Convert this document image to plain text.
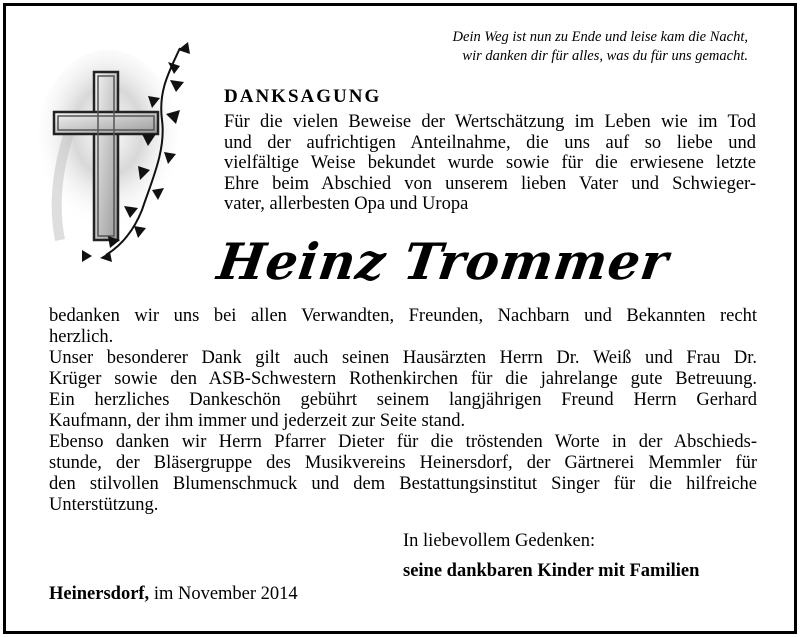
Dein Weg ist nun zu Ende und leise kam die Nacht,
wir danken dir für alles, was du für uns gemacht.
DANKSAGUNG
Für die vielen Beweise der Wertschätzung im Leben wie im Tod
und der aufrichtigen Anteilnahme, die uns auf so liebe und
vielfältige Weise bekundet wurde sowie für die erwiesene letzte
Ehre beim Abschied von unserem lieben Vater und Schwieger-
vater, allerbesten Opa und Uropa
Heinz Trommer
bedanken wir uns bei allen Verwandten, Freunden, Nachbarn und Bekannten recht
herzlich.
Unser besonderer Dank gilt auch seinen Hausärzten Herrn Dr. Weiß und Frau Dr.
Krüger sowie den ASB-Schwestern Rothenkirchen für die jahrelange gute Betreuung.
Ein herzliches Dankeschön gebührt seinem langjährigen Freund Herrn Gerhard
Kaufmann, der ihm immer und jederzeit zur Seite stand.
Ebenso danken wir Herrn Pfarrer Dieter für die tröstenden Worte in der Abschieds-
stunde, der Bläsergruppe des Musikvereins Heinersdorf, der Gärtnerei Memmler für
den stilvollen Blumenschmuck und dem Bestattungsinstitut Singer für die hilfreiche
Unterstützung.
In liebevollem Gedenken:
seine dankbaren Kinder mit Familien
Heinersdorf, im November 2014
